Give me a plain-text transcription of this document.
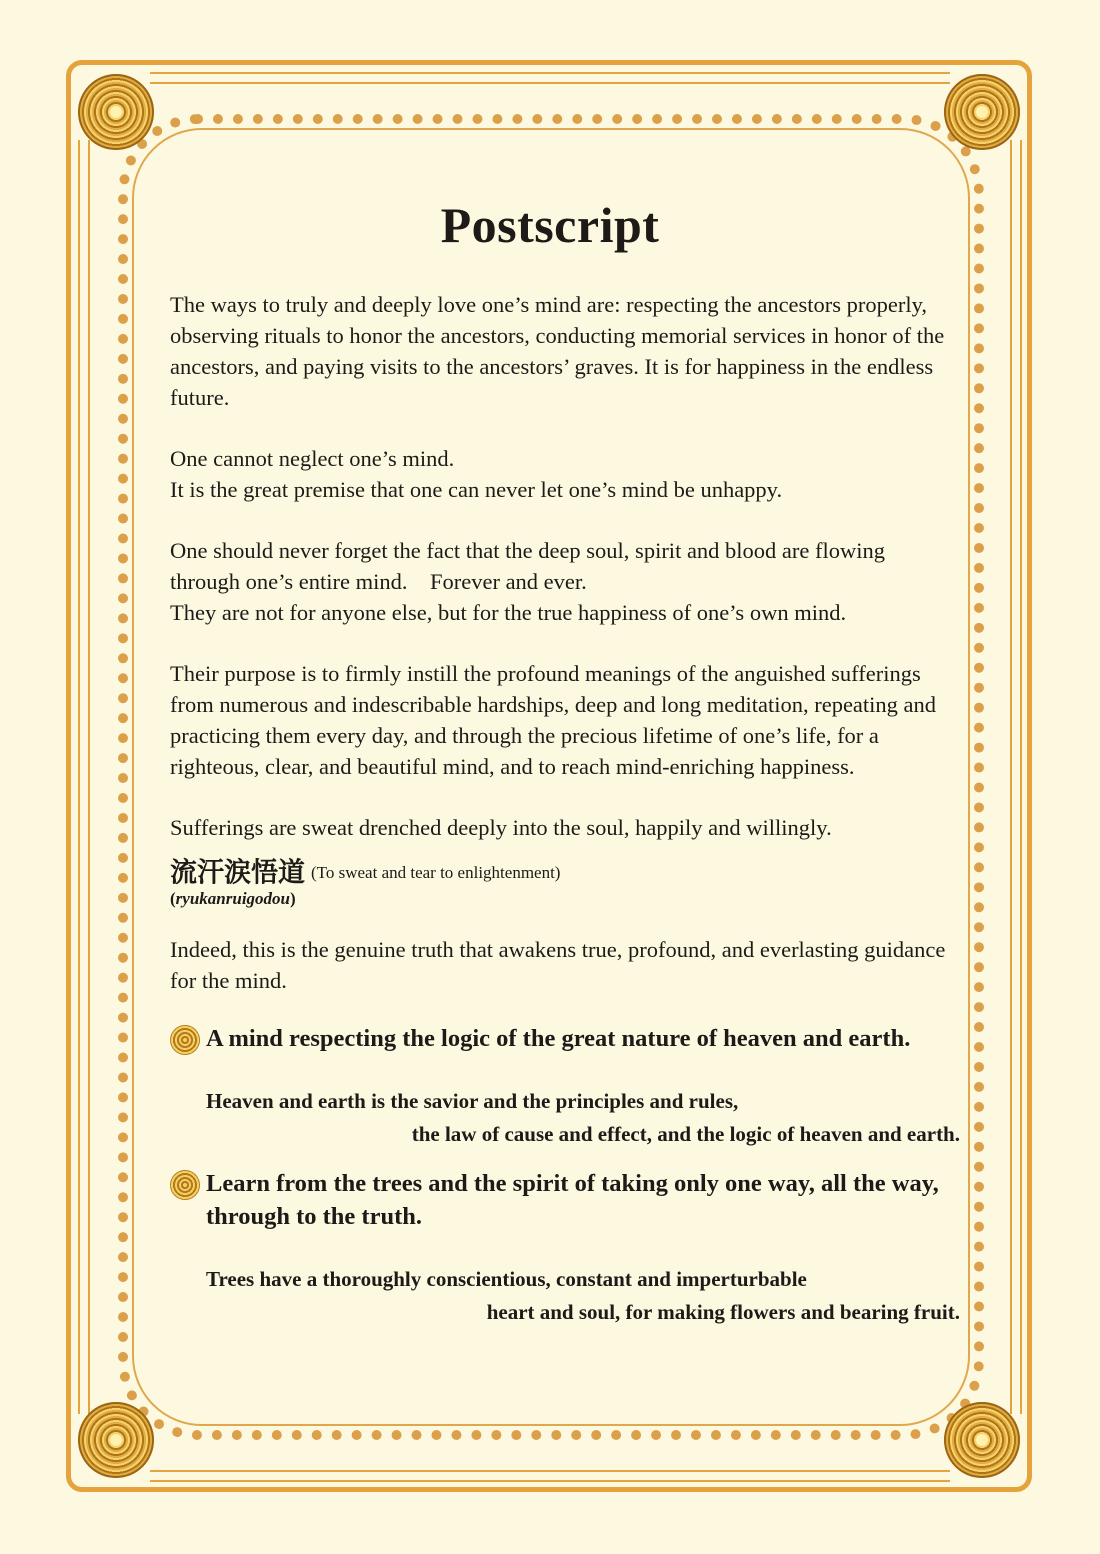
Postscript

The ways to truly and deeply love one’s mind are: respecting the ancestors properly, observing rituals to honor the ancestors, conducting memorial services in honor of the ancestors, and paying visits to the ancestors’ graves. It is for happiness in the endless future.

One cannot neglect one’s mind.
It is the great premise that one can never let one’s mind be unhappy.

One should never forget the fact that the deep soul, spirit and blood are flowing through one’s entire mind. Forever and ever.
They are not for anyone else, but for the true happiness of one’s own mind.

Their purpose is to firmly instill the profound meanings of the anguished sufferings from numerous and indescribable hardships, deep and long meditation, repeating and practicing them every day, and through the precious lifetime of one’s life, for a righteous, clear, and beautiful mind, and to reach mind-enriching happiness.

Sufferings are sweat drenched deeply into the soul, happily and willingly.

流汗涙悟道 (To sweat and tear to enlightenment)
(ryukanruigodou)

Indeed, this is the genuine truth that awakens true, profound, and everlasting guidance for the mind.

A mind respecting the logic of the great nature of heaven and earth.

Heaven and earth is the savior and the principles and rules,
the law of cause and effect, and the logic of heaven and earth.

Learn from the trees and the spirit of taking only one way, all the way, through to the truth.

Trees have a thoroughly conscientious, constant and imperturbable
heart and soul, for making flowers and bearing fruit.
